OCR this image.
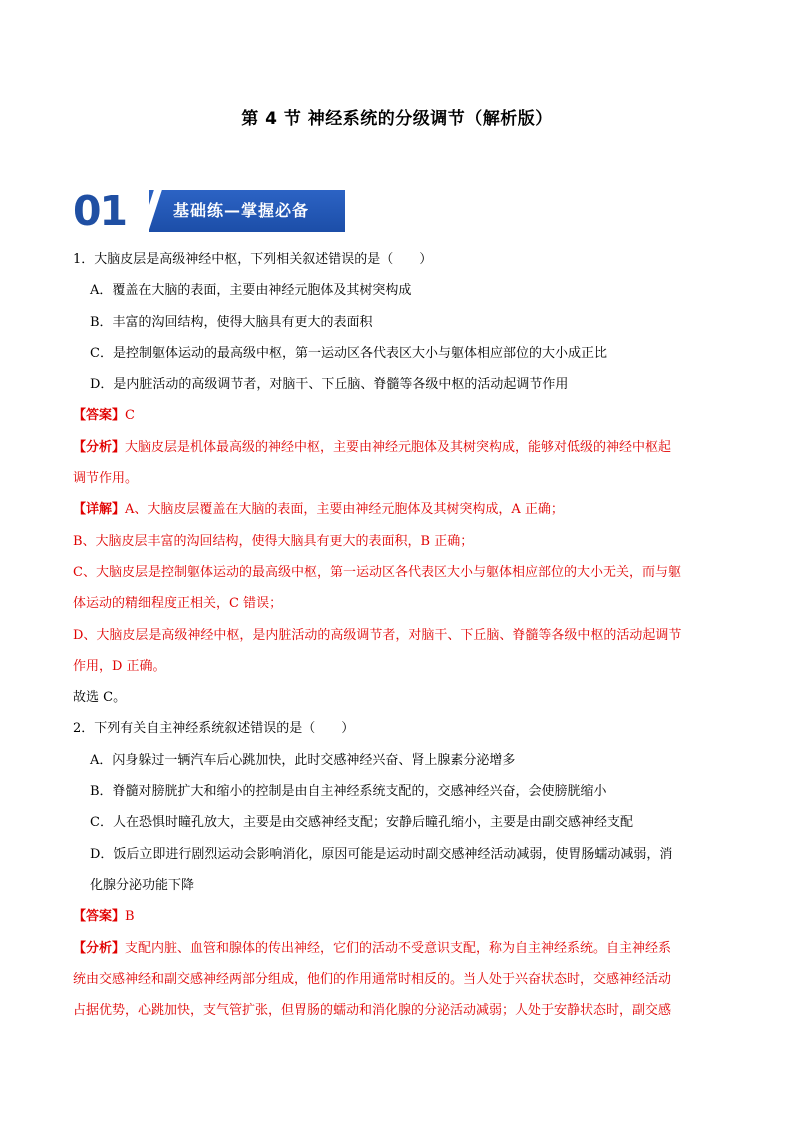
第 4 节 神经系统的分级调节（解析版）
01	基础练—掌握必备
1．大脑皮层是高级神经中枢，下列相关叙述错误的是（　　）
A．覆盖在大脑的表面，主要由神经元胞体及其树突构成
B．丰富的沟回结构，使得大脑具有更大的表面积
C．是控制躯体运动的最高级中枢，第一运动区各代表区大小与躯体相应部位的大小成正比
D．是内脏活动的高级调节者，对脑干、下丘脑、脊髓等各级中枢的活动起调节作用
【答案】C
【分析】大脑皮层是机体最高级的神经中枢，主要由神经元胞体及其树突构成，能够对低级的神经中枢起
调节作用。
【详解】A、大脑皮层覆盖在大脑的表面，主要由神经元胞体及其树突构成，A 正确；
B、大脑皮层丰富的沟回结构，使得大脑具有更大的表面积，B 正确；
C、大脑皮层是控制躯体运动的最高级中枢，第一运动区各代表区大小与躯体相应部位的大小无关，而与躯
体运动的精细程度正相关，C 错误；
D、大脑皮层是高级神经中枢，是内脏活动的高级调节者，对脑干、下丘脑、脊髓等各级中枢的活动起调节
作用，D 正确。
故选 C。
2．下列有关自主神经系统叙述错误的是（　　）
A．闪身躲过一辆汽车后心跳加快，此时交感神经兴奋、肾上腺素分泌增多
B．脊髓对膀胱扩大和缩小的控制是由自主神经系统支配的，交感神经兴奋，会使膀胱缩小
C．人在恐惧时瞳孔放大，主要是由交感神经支配；安静后瞳孔缩小，主要是由副交感神经支配
D．饭后立即进行剧烈运动会影响消化，原因可能是运动时副交感神经活动减弱，使胃肠蠕动减弱，消
化腺分泌功能下降
【答案】B
【分析】支配内脏、血管和腺体的传出神经，它们的活动不受意识支配，称为自主神经系统。自主神经系
统由交感神经和副交感神经两部分组成，他们的作用通常时相反的。当人处于兴奋状态时，交感神经活动
占据优势，心跳加快，支气管扩张，但胃肠的蠕动和消化腺的分泌活动减弱；人处于安静状态时，副交感
